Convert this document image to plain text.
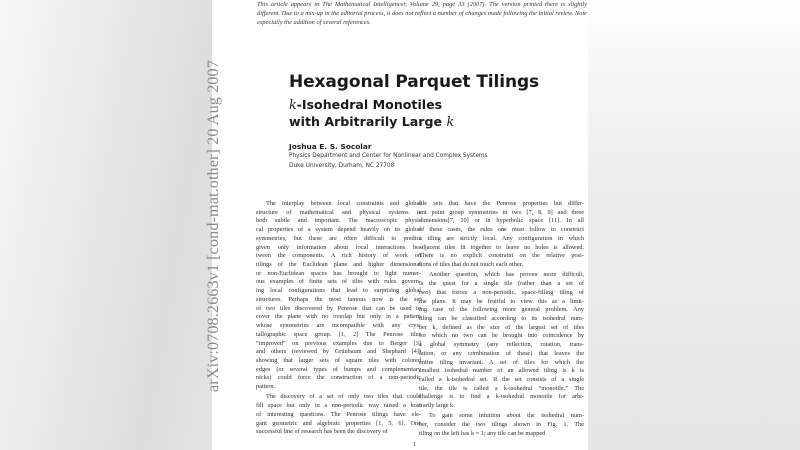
arXiv:0708.2663v1 [cond-mat.other] 20 Aug 2007
This article appears in The Mathematical Intelligencer, Volume 29, page 33 (2007). The version printed there is slightly different. Due to a mix-up in the editorial process, it does not reflect a number of changes made following the initial review. Note especially the addition of several references.
Hexagonal Parquet Tilings
k-Isohedral Monotiles
with Arbitrarily Large k
Joshua E. S. Socolar
Physics Department and Center for Nonlinear and Complex Systems
Duke University, Durham, NC 27708
The interplay between local constraints and global
structure of mathematical and physical systems is
both subtle and important. The macroscopic physi-
cal properties of a system depend heavily on its global
symmetries, but these are often difficult to predict
given only information about local interactions be-
tween the components. A rich history of work on
tilings of the Euclidean plane and higher dimensional
or non-Euclidean spaces has brought to light numer-
ous examples of finite sets of tiles with rules govern-
ing local configurations that lead to surprising global
structures. Perhaps the most famous now is the set
of two tiles discovered by Penrose that can be used to
cover the plane with no overlap but only in a pattern
whose symmetries are incompatible with any crys-
tallographic space group. [1, 2] The Penrose tiles
“improved” on previous examples due to Berger [3]
and others (reviewed by Grünbaum and Shephard [4])
showing that larger sets of square tiles with colored
edges (or several types of bumps and complementary
nicks) could force the construction of a non-periodic
pattern.
The discovery of a set of only two tiles that could
fill space but only in a non-periodic way raised a host
of interesting questions. The Penrose tilings have ele-
gant geometric and algebraic properties [1, 5, 6]. One
successful line of research has been the discovery of
tile sets that have the Penrose properties but differ-
ent point group symmetries in two [7, 8, 9] and three
dimensions[7, 10] or in hyperbolic space [11]. In all
of these cases, the rules one must follow to construct
a tiling are strictly local. Any configuration in which
adjacent tiles fit together to leave no holes is allowed.
There is no explicit constraint on the relative posi-
tions of tiles that do not touch each other.
Another question, which has proven more difficult,
is the quest for a single tile (rather than a set of
two) that forces a non-periodic, space-filling tiling of
the plane. It may be fruitful to view this as a limit-
ing case of the following more general problem. Any
tiling can be classified according to its isohedral num-
ber k, defined as the size of the largest set of tiles
for which no two can be brought into coincidence by
a global symmetry (any reflection, rotation, trans-
lation, or any combination of these) that leaves the
entire tiling invariant. A set of tiles for which the
smallest isohedral number of an allowed tiling is k is
called a k-isohedral set. If the set consists of a single
tile, the tile is called a k-isohedral “monotile.” The
challenge is to find a k-isohedral monotile for arbi-
trarily large k.
To gain some intuition about the isohedral num-
ber, consider the two tilings shown in Fig. 1. The
tiling on the left has k = 1; any tile can be mapped
1
